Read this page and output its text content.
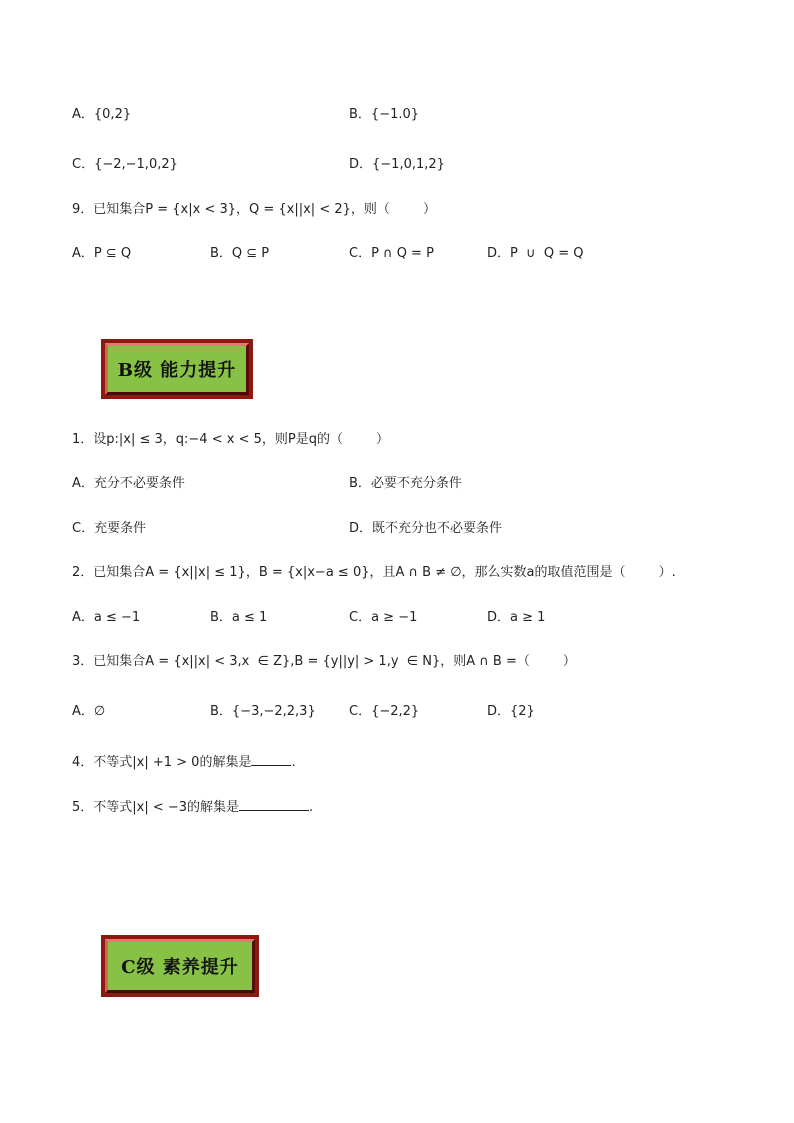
A．{0,2}	B．{−1.0}
C．{−2,−1,0,2}	D．{−1,0,1,2}
9．已知集合P = {x|x < 3}，Q = {x||x| < 2}，则（        ）
A．P ⊆ Q	B．Q ⊆ P	C．P ∩ Q = P	D．P  ∪  Q = Q
B级 能力提升
1．设p:|x| ≤ 3，q:−4 < x < 5，则P是q的（        ）
A．充分不必要条件	B．必要不充分条件
C．充要条件	D．既不充分也不必要条件
2．已知集合A = {x||x| ≤ 1}，B = {x|x−a ≤ 0}，且A ∩ B ≠ ∅，那么实数a的取值范围是（        ）.
A．a ≤ −1	B．a ≤ 1	C．a ≥ −1	D．a ≥ 1
3．已知集合A = {x||x| < 3,x  ∈ Z},B = {y||y| > 1,y  ∈ N}，则A ∩ B =（        ）
A．∅	B．{−3,−2,2,3}	C．{−2,2}	D．{2}
4．不等式|x| +1 > 0的解集是	.
5．不等式|x| < −3的解集是	.
C级 素养提升
